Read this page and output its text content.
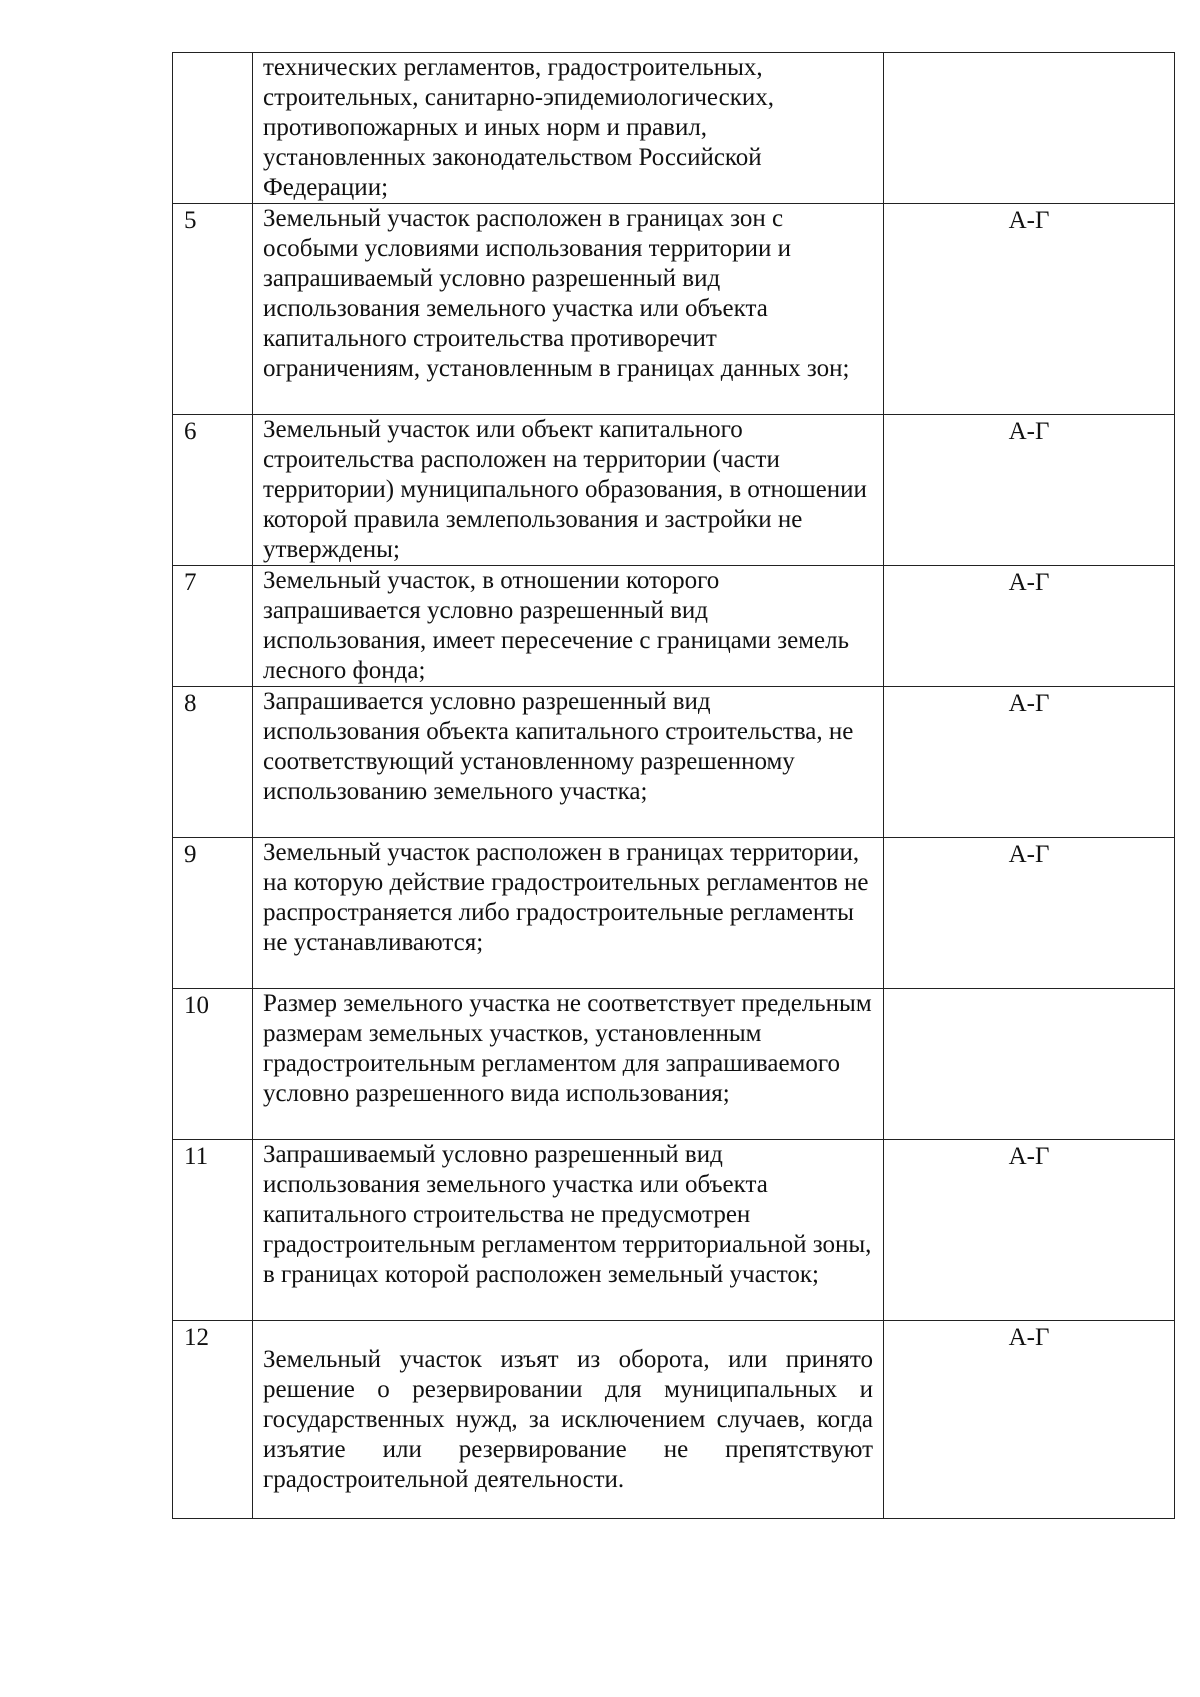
	технических регламентов, градостроительных, строительных, санитарно-эпидемиологических, противопожарных и иных норм и правил, установленных законодательством Российской Федерации;	

5	Земельный участок расположен в границах зон с особыми условиями использования территории и запрашиваемый условно разрешенный вид использования земельного участка или объекта капитального строительства противоречит ограничениям, установленным в границах данных зон;	А-Г
6	Земельный участок или объект капитального строительства расположен на территории (части территории) муниципального образования, в отношении которой правила землепользования и застройки не утверждены;	А-Г
7	Земельный участок, в отношении которого запрашивается условно разрешенный вид использования, имеет пересечение с границами земель лесного фонда;	А-Г
8	Запрашивается условно разрешенный вид использования объекта капитального строительства, не соответствующий установленному разрешенному использованию земельного участка;	А-Г
9	Земельный участок расположен в границах территории, на которую действие градостроительных регламентов не распространяется либо градостроительные регламенты не устанавливаются;	А-Г
10	Размер земельного участка не соответствует предельным размерам земельных участков, установленным градостроительным регламентом для запрашиваемого условно разрешенного вида использования;	

11	Запрашиваемый условно разрешенный вид использования земельного участка или объекта капитального строительства не предусмотрен градостроительным регламентом территориальной зоны, в границах которой расположен земельный участок;	А-Г
12	Земельный участок изъят из оборота, или принято решение о резервировании для муниципальных и государственных нужд, за исключением случаев, когда изъятие или резервирование не препятствуют градостроительной деятельности.	А-Г
